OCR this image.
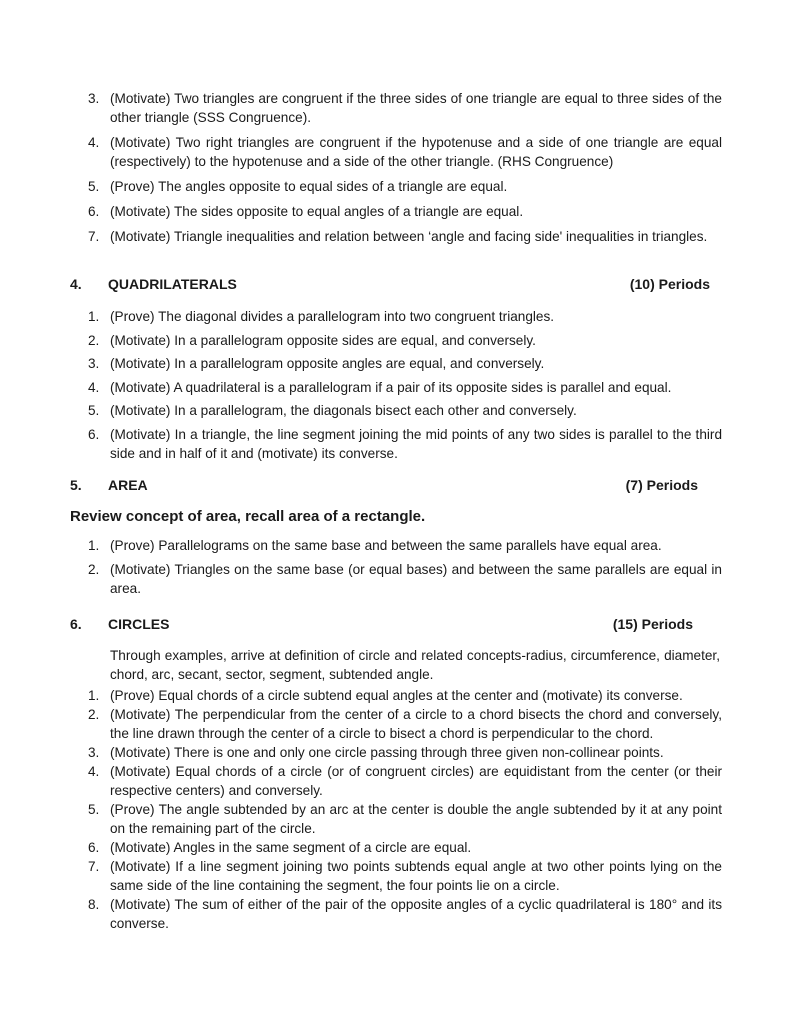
3. (Motivate) Two triangles are congruent if the three sides of one triangle are equal to three sides of the other triangle (SSS Congruence).
4. (Motivate) Two right triangles are congruent if the hypotenuse and a side of one triangle are equal (respectively) to the hypotenuse and a side of the other triangle. (RHS Congruence)
5. (Prove) The angles opposite to equal sides of a triangle are equal.
6. (Motivate) The sides opposite to equal angles of a triangle are equal.
7. (Motivate) Triangle inequalities and relation between ‘angle and facing side' inequalities in triangles.
4. QUADRILATERALS	(10) Periods
1. (Prove) The diagonal divides a parallelogram into two congruent triangles.
2. (Motivate) In a parallelogram opposite sides are equal, and conversely.
3. (Motivate) In a parallelogram opposite angles are equal, and conversely.
4. (Motivate) A quadrilateral is a parallelogram if a pair of its opposite sides is parallel and equal.
5. (Motivate) In a parallelogram, the diagonals bisect each other and conversely.
6. (Motivate) In a triangle, the line segment joining the mid points of any two sides is parallel to the third side and in half of it and (motivate) its converse.
5. AREA	(7) Periods
Review concept of area, recall area of a rectangle.
1. (Prove) Parallelograms on the same base and between the same parallels have equal area.
2. (Motivate) Triangles on the same base (or equal bases) and between the same parallels are equal in area.
6. CIRCLES	(15) Periods

Through examples, arrive at definition of circle and related concepts-radius, circumference, diameter, chord, arc, secant, sector, segment, subtended angle.

1. (Prove) Equal chords of a circle subtend equal angles at the center and (motivate) its converse.
2. (Motivate) The perpendicular from the center of a circle to a chord bisects the chord and conversely, the line drawn through the center of a circle to bisect a chord is perpendicular to the chord.
3. (Motivate) There is one and only one circle passing through three given non-collinear points.
4. (Motivate) Equal chords of a circle (or of congruent circles) are equidistant from the center (or their respective centers) and conversely.
5. (Prove) The angle subtended by an arc at the center is double the angle subtended by it at any point on the remaining part of the circle.
6. (Motivate) Angles in the same segment of a circle are equal.
7. (Motivate) If a line segment joining two points subtends equal angle at two other points lying on the same side of the line containing the segment, the four points lie on a circle.
8. (Motivate) The sum of either of the pair of the opposite angles of a cyclic quadrilateral is 180° and its converse.
